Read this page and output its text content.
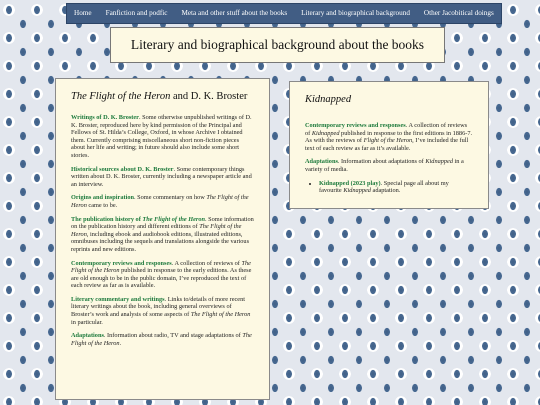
Home	Fanfiction and podfic	Meta and other stuff about the books	Literary and biographical background	Other Jacobitical doings
Literary and biographical background about the books
The Flight of the Heron and D. K. Broster

Writings of D. K. Broster. Some otherwise unpublished writings of D. K. Broster, reproduced here by kind permission of the Principal and Fellows of St. Hilda’s College, Oxford, in whose Archive I obtained them. Currently comprising miscellaneous short non-fiction pieces about her life and writing; in future should also include some short stories.

Historical sources about D. K. Broster. Some contemporary things written about D. K. Broster, currently including a newspaper article and an interview.

Origins and inspiration. Some commentary on how The Flight of the Heron came to be.

The publication history of The Flight of the Heron. Some information on the publication history and different editions of The Flight of the Heron, including ebook and audiobook editions, illustrated editions, omnibuses including the sequels and translations alongside the various reprints and new editions.

Contemporary reviews and responses. A collection of reviews of The Flight of the Heron published in response to the early editions. As these are old enough to be in the public domain, I’ve reproduced the text of each review as far as is available.

Literary commentary and writings. Links to/details of more recent literary writings about the book, including general overviews of Broster’s work and analysis of some aspects of The Flight of the Heron in particular.

Adaptations. Information about radio, TV and stage adaptations of The Flight of the Heron.

Kidnapped

Contemporary reviews and responses. A collection of reviews of Kidnapped published in response to the first editions in 1886-7. As with the reviews of Flight of the Heron, I’ve included the full text of each review as far as it’s available.

Adaptations. Information about adaptations of Kidnapped in a variety of media.

• Kidnapped (2023 play). Special page all about my favourite Kidnapped adaptation.
